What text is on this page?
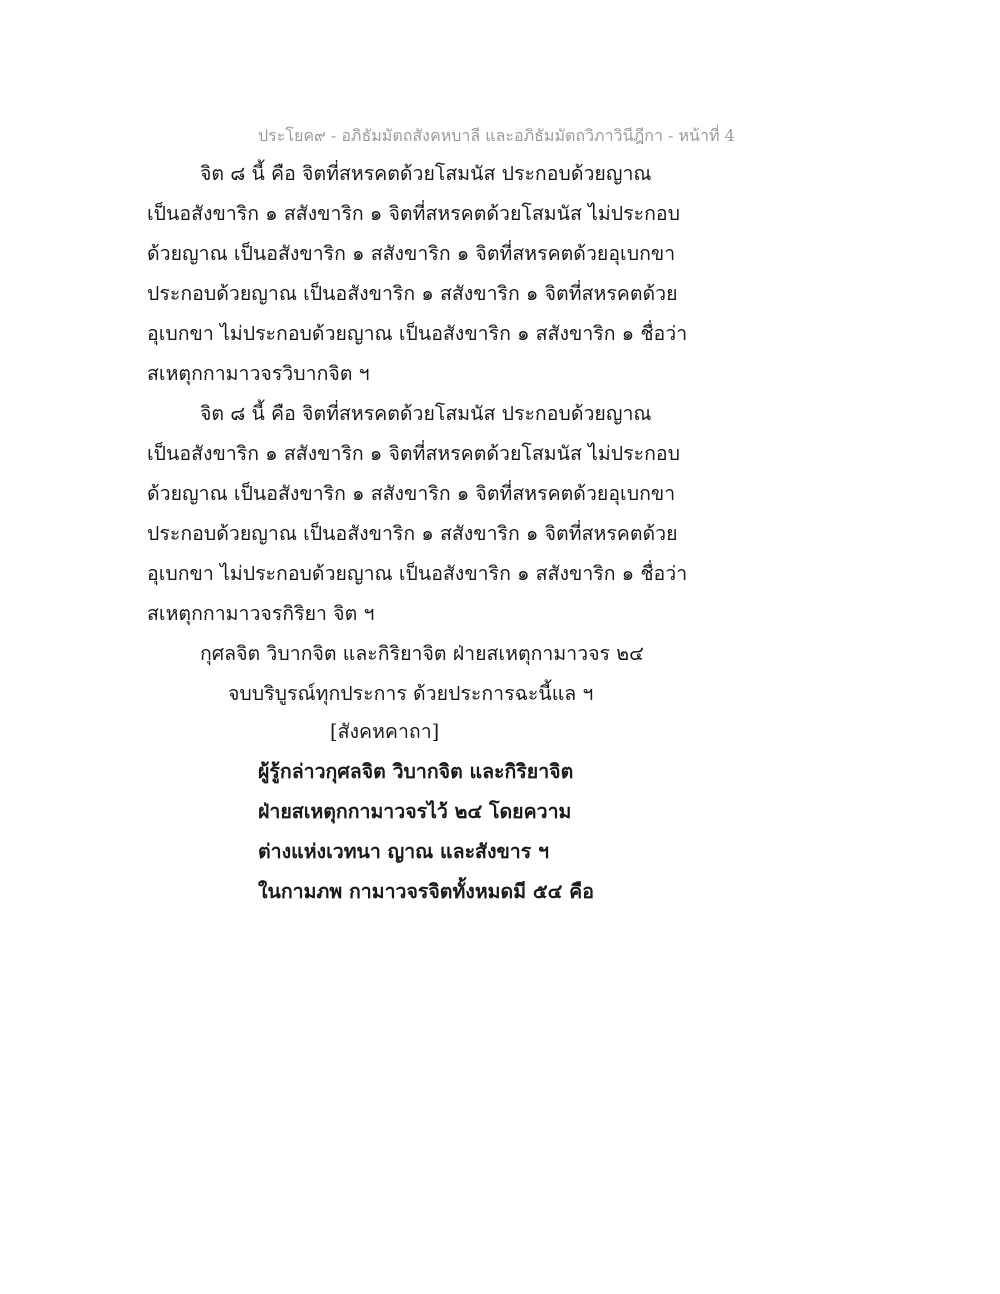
ประโยค๙ - อภิธัมมัตถสังคหบาลี และอภิธัมมัตถวิภาวินีฎีกา - หน้าที่ 4
จิต ๘ นี้ คือ จิตที่สหรคตด้วยโสมนัส ประกอบด้วยญาณ
เป็นอสังขาริก ๑ สสังขาริก ๑ จิตที่สหรคตด้วยโสมนัส ไม่ประกอบ
ด้วยญาณ เป็นอสังขาริก ๑ สสังขาริก ๑ จิตที่สหรคตด้วยอุเบกขา
ประกอบด้วยญาณ เป็นอสังขาริก ๑ สสังขาริก ๑ จิตที่สหรคตด้วย
อุเบกขา ไม่ประกอบด้วยญาณ เป็นอสังขาริก ๑ สสังขาริก ๑ ชื่อว่า
สเหตุกกามาวจรวิบากจิต ฯ
จิต ๘ นี้ คือ จิตที่สหรคตด้วยโสมนัส ประกอบด้วยญาณ
เป็นอสังขาริก ๑ สสังขาริก ๑ จิตที่สหรคตด้วยโสมนัส ไม่ประกอบ
ด้วยญาณ เป็นอสังขาริก ๑ สสังขาริก ๑ จิตที่สหรคตด้วยอุเบกขา
ประกอบด้วยญาณ เป็นอสังขาริก ๑ สสังขาริก ๑ จิตที่สหรคตด้วย
อุเบกขา ไม่ประกอบด้วยญาณ เป็นอสังขาริก ๑ สสังขาริก ๑ ชื่อว่า
สเหตุกกามาวจรกิริยา จิต ฯ
กุศลจิต วิบากจิต และกิริยาจิต ฝ่ายสเหตุกามาวจร ๒๔
จบบริบูรณ์ทุกประการ ด้วยประการฉะนี้แล ฯ
[สังคหคาถา]
ผู้รู้กล่าวกุศลจิต วิบากจิต และกิริยาจิต
ฝ่ายสเหตุกกามาวจรไว้ ๒๔ โดยความ
ต่างแห่งเวทนา ญาณ และสังขาร ฯ
ในกามภพ กามาวจรจิตทั้งหมดมี ๕๔ คือ
